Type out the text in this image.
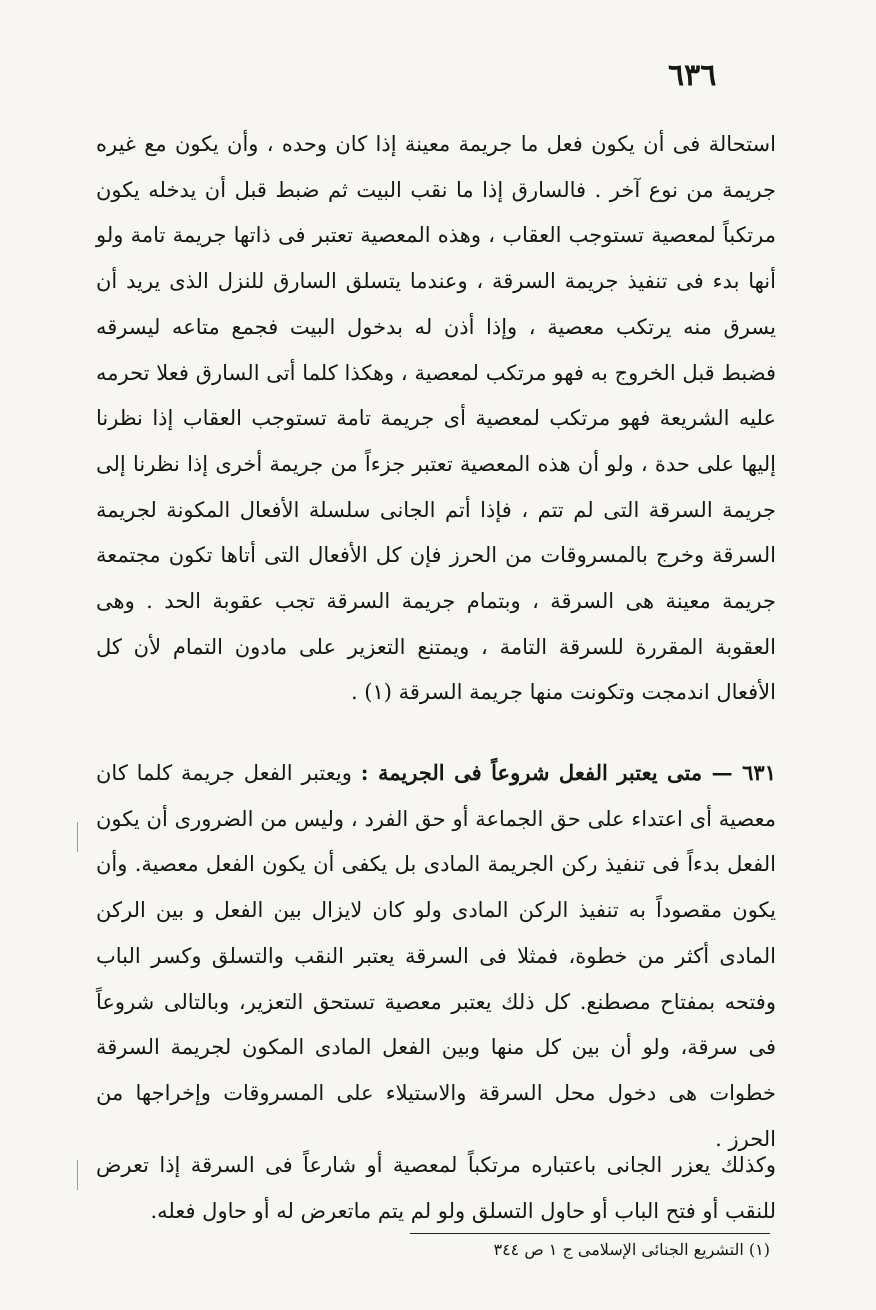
٦٣٦
استحالة فى أن يكون فعل ما جريمة معينة إذا كان وحده ، وأن يكون مع غيره جريمة من نوع آخر . فالسارق إذا ما نقب البيت ثم ضبط قبل أن يدخله يكون مرتكباً لمعصية تستوجب العقاب ، وهذه المعصية تعتبر فى ذاتها جريمة تامة ولو أنها بدء فى تنفيذ جريمة السرقة ، وعندما يتسلق السارق للنزل الذى يريد أن يسرق منه يرتكب معصية ، وإذا أذن له بدخول البيت فجمع متاعه ليسرقه فضبط قبل الخروج به فهو مرتكب لمعصية ، وهكذا كلما أتى السارق فعلا تحرمه عليه الشريعة فهو مرتكب لمعصية أى جريمة تامة تستوجب العقاب إذا نظرنا إليها على حدة ، ولو أن هذه المعصية تعتبر جزءاً من جريمة أخرى إذا نظرنا إلى جريمة السرقة التى لم تتم ، فإذا أتم الجانى سلسلة الأفعال المكونة لجريمة السرقة وخرج بالمسروقات من الحرز فإن كل الأفعال التى أتاها تكون مجتمعة جريمة معينة هى السرقة ، وبتمام جريمة السرقة تجب عقوبة الحد . وهى العقوبة المقررة للسرقة التامة ، ويمتنع التعزير على مادون التمام لأن كل الأفعال اندمجت وتكونت منها جريمة السرقة (١) .
٦٣١ — متى يعتبر الفعل شروعاً فى الجريمة : ويعتبر الفعل جريمة كلما كان معصية أى اعتداء على حق الجماعة أو حق الفرد ، وليس من الضرورى أن يكون الفعل بدءاً فى تنفيذ ركن الجريمة المادى بل يكفى أن يكون الفعل معصية. وأن يكون مقصوداً به تنفيذ الركن المادى ولو كان لايزال بين الفعل و بين الركن المادى أكثر من خطوة، فمثلا فى السرقة يعتبر النقب والتسلق وكسر الباب وفتحه بمفتاح مصطنع. كل ذلك يعتبر معصية تستحق التعزير، وبالتالى شروعاً فى سرقة، ولو أن بين كل منها وبين الفعل المادى المكون لجريمة السرقة خطوات هى دخول محل السرقة والاستيلاء على المسروقات وإخراجها من الحرز .
وكذلك يعزر الجانى باعتباره مرتكباً لمعصية أو شارعاً فى السرقة إذا تعرض للنقب أو فتح الباب أو حاول التسلق ولو لم يتم ماتعرض له أو حاول فعله.
(١) التشريع الجنائى الإسلامى ج ١ ص ٣٤٤
